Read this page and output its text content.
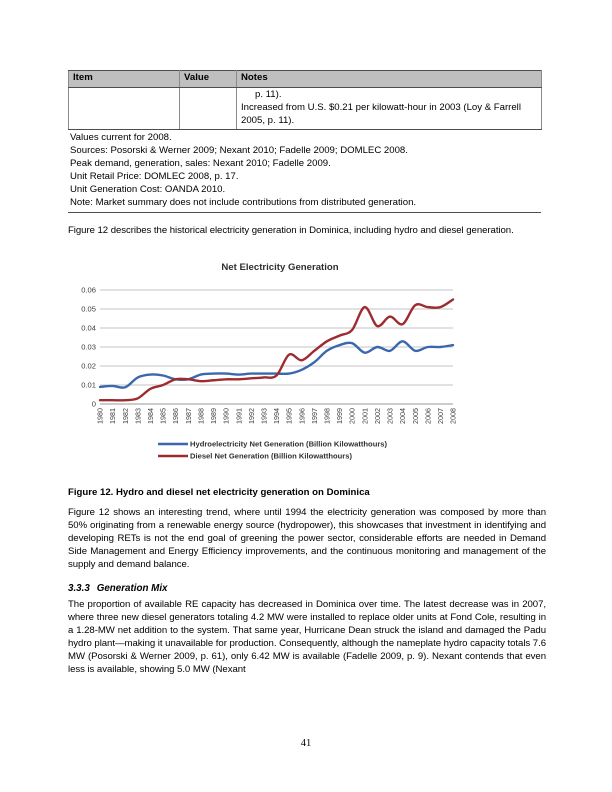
Item	Value	Notes

		p. 11).
Increased from U.S. $0.21 per kilowatt-hour in 2003 (Loy & Farrell 2005, p. 11).
Values current for 2008.
Sources: Posorski & Werner 2009; Nexant 2010; Fadelle 2009; DOMLEC 2008.
Peak demand, generation, sales: Nexant 2010; Fadelle 2009.
Unit Retail Price: DOMLEC 2008, p. 17.
Unit Generation Cost: OANDA 2010.
Note: Market summary does not include contributions from distributed generation.

Figure 12 describes the historical electricity generation in Dominica, including hydro and diesel generation.

0
0.01
0.02
0.03
0.04
0.05
0.06
1980 1981 1982 1983 1984 1985 1986 1987 1988 1989 1990 1991 1992 1993 1994 1995 1996 1997 1998 1999 2000 2001 2002 2003 2004 2005 2006 2007 2008
Net Electricity Generation
Hydroelectricity Net Generation (Billion Kilowatthours)
Diesel Net Generation (Billion Kilowatthours)

Figure 12. Hydro and diesel net electricity generation on Dominica

Figure 12 shows an interesting trend, where until 1994 the electricity generation was composed by more than 50% originating from a renewable energy source (hydropower), this showcases that investment in identifying and developing RETs is not the end goal of greening the power sector, considerable efforts are needed in Demand Side Management and Energy Efficiency improvements, and the continuous monitoring and management of the supply and demand balance.

3.3.3 Generation Mix

The proportion of available RE capacity has decreased in Dominica over time. The latest decrease was in 2007, where three new diesel generators totaling 4.2 MW were installed to replace older units at Fond Cole, resulting in a 1.28-MW net addition to the system. That same year, Hurricane Dean struck the island and damaged the Padu hydro plant—making it unavailable for production. Consequently, although the nameplate hydro capacity totals 7.6 MW (Posorski & Werner 2009, p. 61), only 6.42 MW is available (Fadelle 2009, p. 9). Nexant contends that even less is available, showing 5.0 MW (Nexant

41
